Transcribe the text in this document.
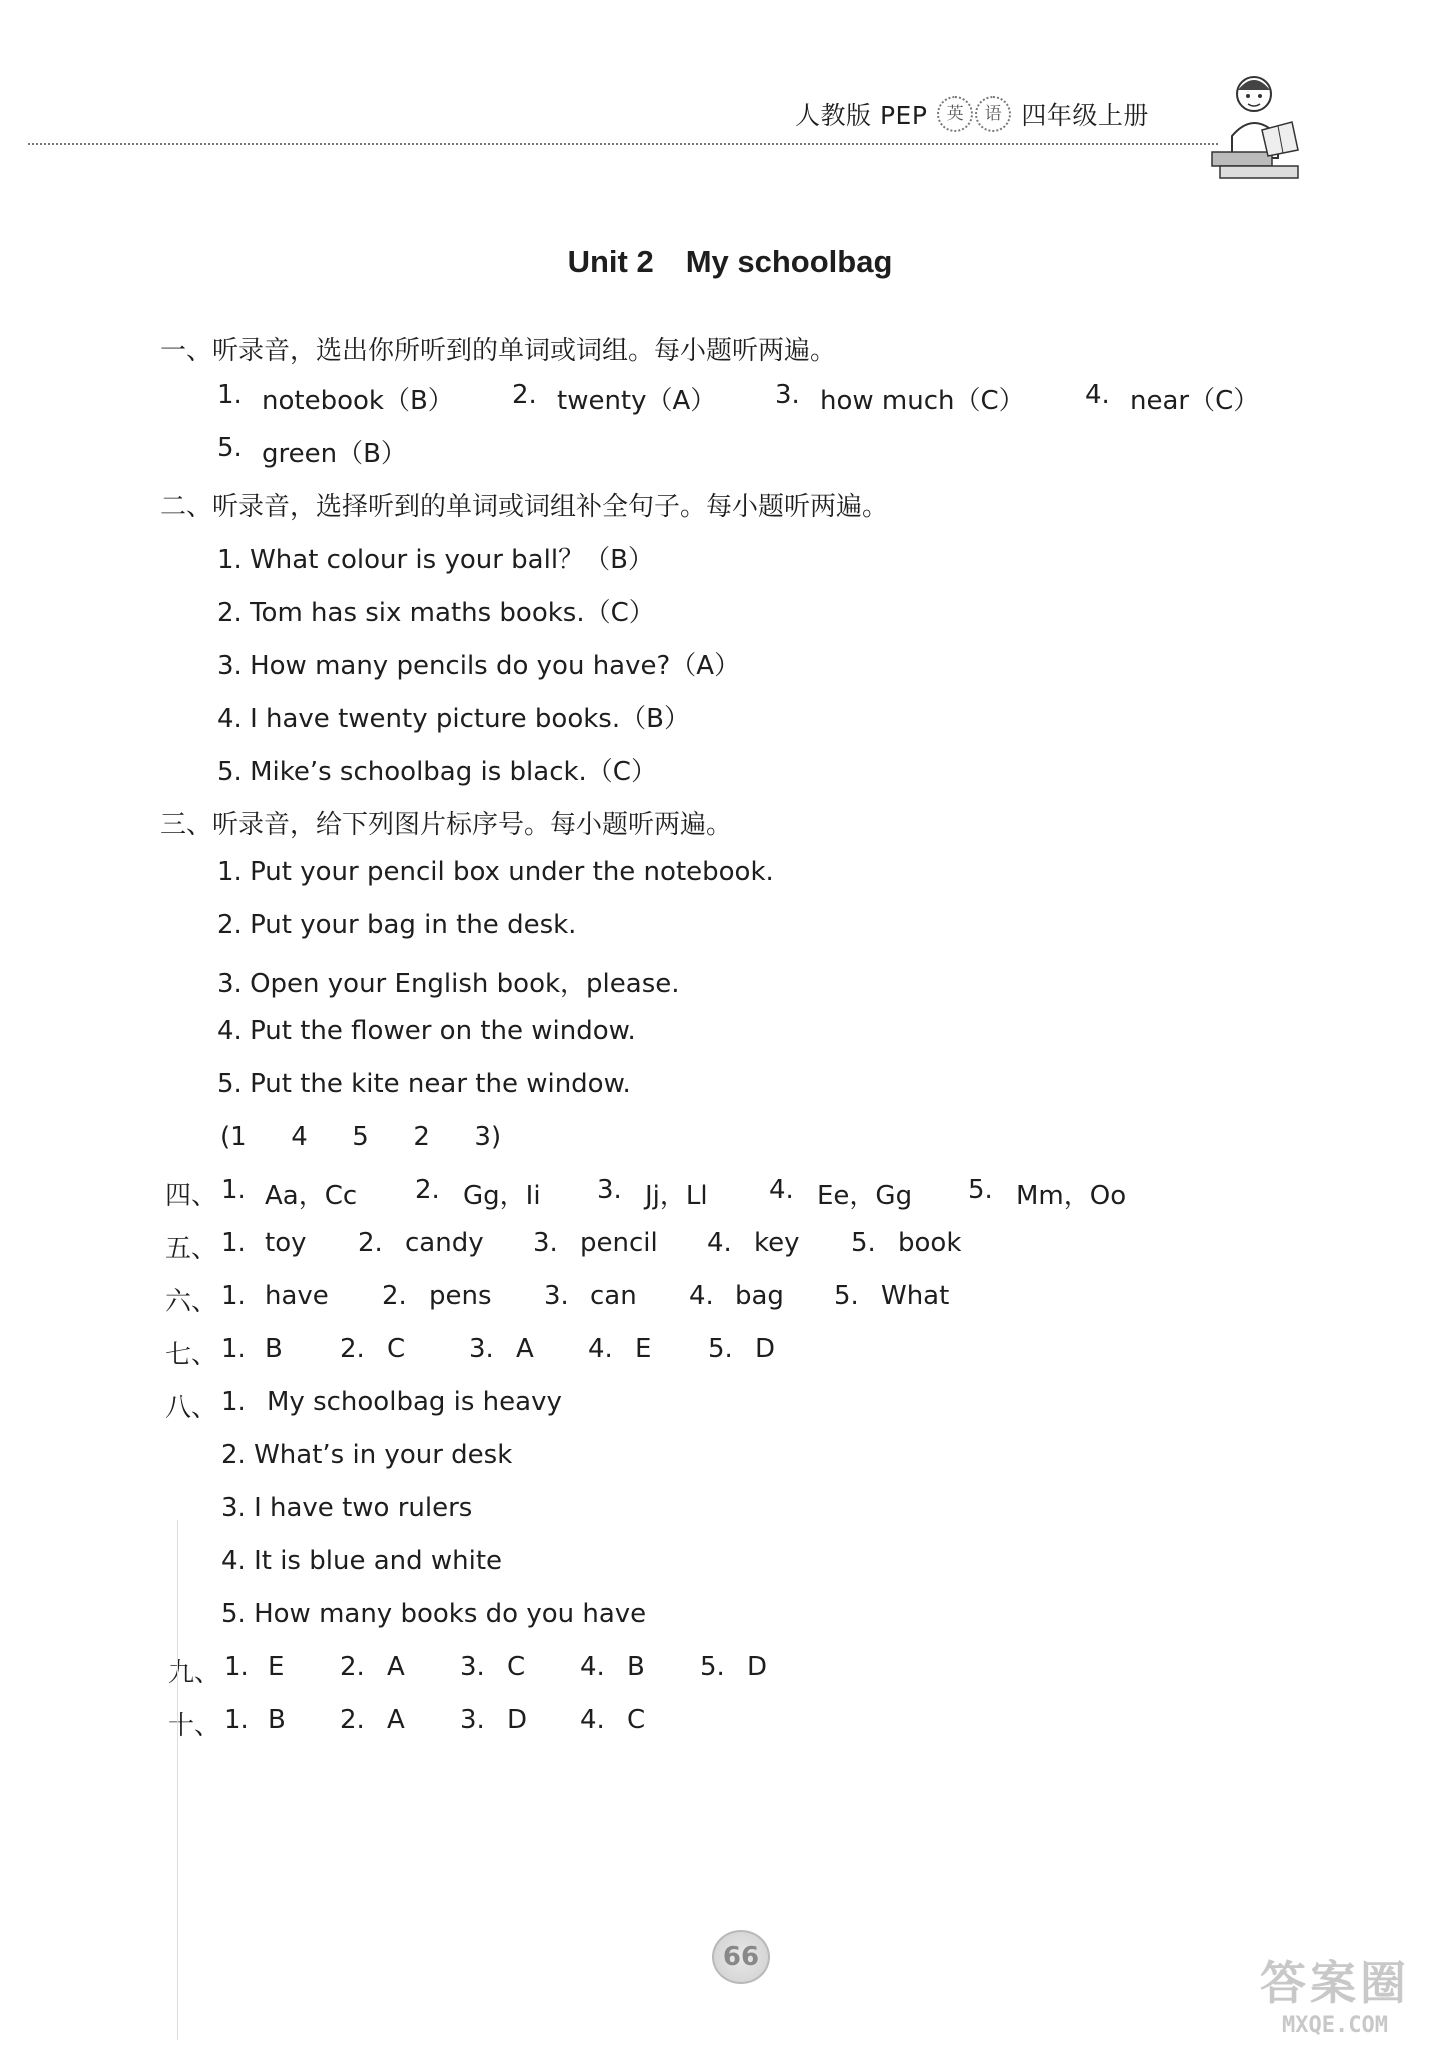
人教版 PEP	英	语 四年级上册
Unit 2 My schoolbag
一、听录音，选出你所听到的单词或词组。每小题听两遍。
1. notebook（B） 2. twenty（A） 3. how much（C） 4. near（C）
5. green（B）
二、听录音，选择听到的单词或词组补全句子。每小题听两遍。
1. What colour is your ball？（B）
2. Tom has six maths books.（C）
3. How many pencils do you have?（A）
4. I have twenty picture books.（B）
5. Mike’s schoolbag is black.（C）
三、听录音，给下列图片标序号。每小题听两遍。
1. Put your pencil box under the notebook.
2. Put your bag in the desk.
3. Open your English book，please.
4. Put the flower on the window.
5. Put the kite near the window.
(1  4  5  2  3)
四、 1. Aa，Cc 2. Gg，Ii 3. Jj，Ll 4. Ee，Gg 5. Mm，Oo
五、 1. toy 2. candy 3. pencil 4. key 5. book
六、 1. have 2. pens 3. can 4. bag 5. What
七、 1. B 2. C 3. A 4. E 5. D
八、 1. My schoolbag is heavy
2. What’s in your desk
3. I have two rulers
4. It is blue and white
5. How many books do you have
九、 1. E 2. A 3. C 4. B 5. D
十、 1. B 2. A 3. D 4. C
66	答案圈
MXQE.COM
